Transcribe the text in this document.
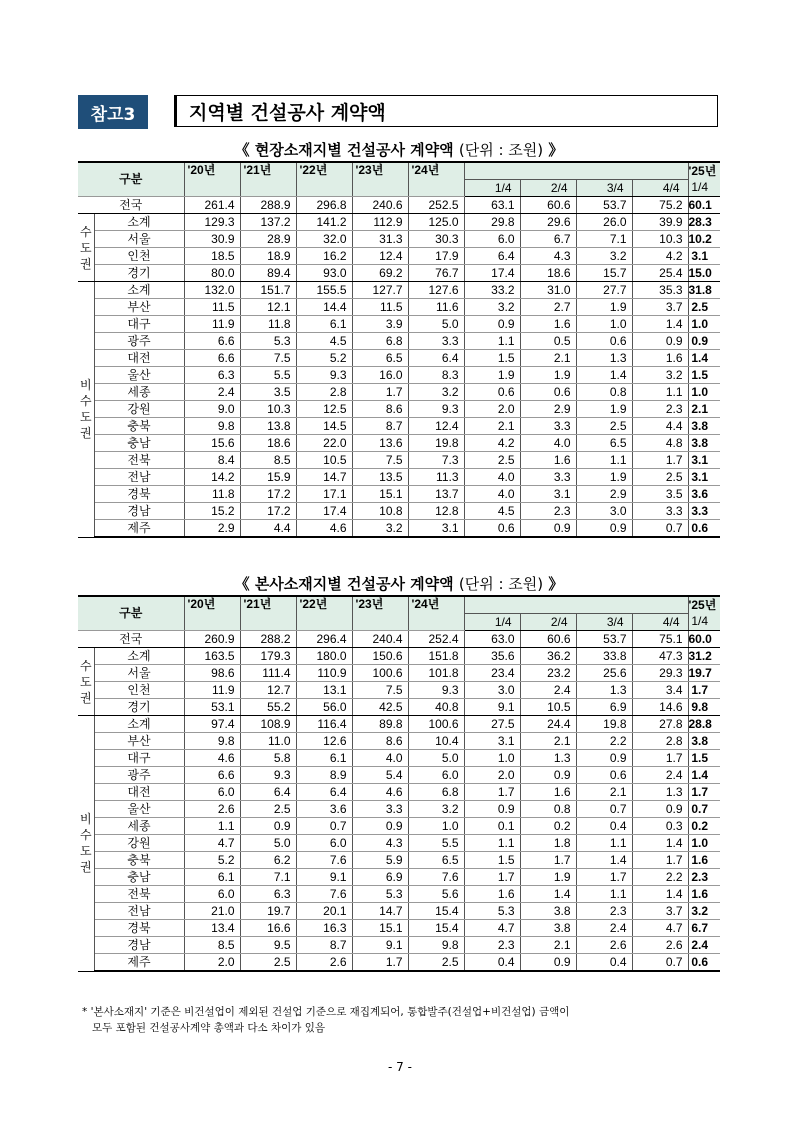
참고3	지역별 건설공사 계약액
《 현장소재지별 건설공사 계약액 (단위 : 조원) 》
구분		'20년	'21년	'22년	'23년	'24년					'25년
							1/4	2/4	3/4	4/4	1/4
전국		261.4	288.9	296.8	240.6	252.5	63.1	60.6	53.7	75.2	60.1

수
도
권	소계	129.3	137.2	141.2	112.9	125.0	29.8	29.6	26.0	39.9	28.3
	서울	30.9	28.9	32.0	31.3	30.3	6.0	6.7	7.1	10.3	10.2
	인천	18.5	18.9	16.2	12.4	17.9	6.4	4.3	3.2	4.2	3.1
	경기	80.0	89.4	93.0	69.2	76.7	17.4	18.6	15.7	25.4	15.0

비
수
도
권	소계	132.0	151.7	155.5	127.7	127.6	33.2	31.0	27.7	35.3	31.8
	부산	11.5	12.1	14.4	11.5	11.6	3.2	2.7	1.9	3.7	2.5
	대구	11.9	11.8	6.1	3.9	5.0	0.9	1.6	1.0	1.4	1.0
	광주	6.6	5.3	4.5	6.8	3.3	1.1	0.5	0.6	0.9	0.9
	대전	6.6	7.5	5.2	6.5	6.4	1.5	2.1	1.3	1.6	1.4
	울산	6.3	5.5	9.3	16.0	8.3	1.9	1.9	1.4	3.2	1.5
	세종	2.4	3.5	2.8	1.7	3.2	0.6	0.6	0.8	1.1	1.0
	강원	9.0	10.3	12.5	8.6	9.3	2.0	2.9	1.9	2.3	2.1
	충북	9.8	13.8	14.5	8.7	12.4	2.1	3.3	2.5	4.4	3.8
	충남	15.6	18.6	22.0	13.6	19.8	4.2	4.0	6.5	4.8	3.8
	전북	8.4	8.5	10.5	7.5	7.3	2.5	1.6	1.1	1.7	3.1
	전남	14.2	15.9	14.7	13.5	11.3	4.0	3.3	1.9	2.5	3.1
	경북	11.8	17.2	17.1	15.1	13.7	4.0	3.1	2.9	3.5	3.6
	경남	15.2	17.2	17.4	10.8	12.8	4.5	2.3	3.0	3.3	3.3
	제주	2.9	4.4	4.6	3.2	3.1	0.6	0.9	0.9	0.7	0.6
《 본사소재지별 건설공사 계약액 (단위 : 조원) 》
구분		'20년	'21년	'22년	'23년	'24년					'25년
							1/4	2/4	3/4	4/4	1/4
전국		260.9	288.2	296.4	240.4	252.4	63.0	60.6	53.7	75.1	60.0

수
도
권	소계	163.5	179.3	180.0	150.6	151.8	35.6	36.2	33.8	47.3	31.2
	서울	98.6	111.4	110.9	100.6	101.8	23.4	23.2	25.6	29.3	19.7
	인천	11.9	12.7	13.1	7.5	9.3	3.0	2.4	1.3	3.4	1.7
	경기	53.1	55.2	56.0	42.5	40.8	9.1	10.5	6.9	14.6	9.8

비
수
도
권	소계	97.4	108.9	116.4	89.8	100.6	27.5	24.4	19.8	27.8	28.8
	부산	9.8	11.0	12.6	8.6	10.4	3.1	2.1	2.2	2.8	3.8
	대구	4.6	5.8	6.1	4.0	5.0	1.0	1.3	0.9	1.7	1.5
	광주	6.6	9.3	8.9	5.4	6.0	2.0	0.9	0.6	2.4	1.4
	대전	6.0	6.4	6.4	4.6	6.8	1.7	1.6	2.1	1.3	1.7
	울산	2.6	2.5	3.6	3.3	3.2	0.9	0.8	0.7	0.9	0.7
	세종	1.1	0.9	0.7	0.9	1.0	0.1	0.2	0.4	0.3	0.2
	강원	4.7	5.0	6.0	4.3	5.5	1.1	1.8	1.1	1.4	1.0
	충북	5.2	6.2	7.6	5.9	6.5	1.5	1.7	1.4	1.7	1.6
	충남	6.1	7.1	9.1	6.9	7.6	1.7	1.9	1.7	2.2	2.3
	전북	6.0	6.3	7.6	5.3	5.6	1.6	1.4	1.1	1.4	1.6
	전남	21.0	19.7	20.1	14.7	15.4	5.3	3.8	2.3	3.7	3.2
	경북	13.4	16.6	16.3	15.1	15.4	4.7	3.8	2.4	4.7	6.7
	경남	8.5	9.5	8.7	9.1	9.8	2.3	2.1	2.6	2.6	2.4
	제주	2.0	2.5	2.6	1.7	2.5	0.4	0.9	0.4	0.7	0.6
* '본사소재지' 기준은 비건설업이 제외된 건설업 기준으로 재집계되어, 통합발주(건설업+비건설업) 금액이
모두 포함된 건설공사계약 총액과 다소 차이가 있음
- 7 -
